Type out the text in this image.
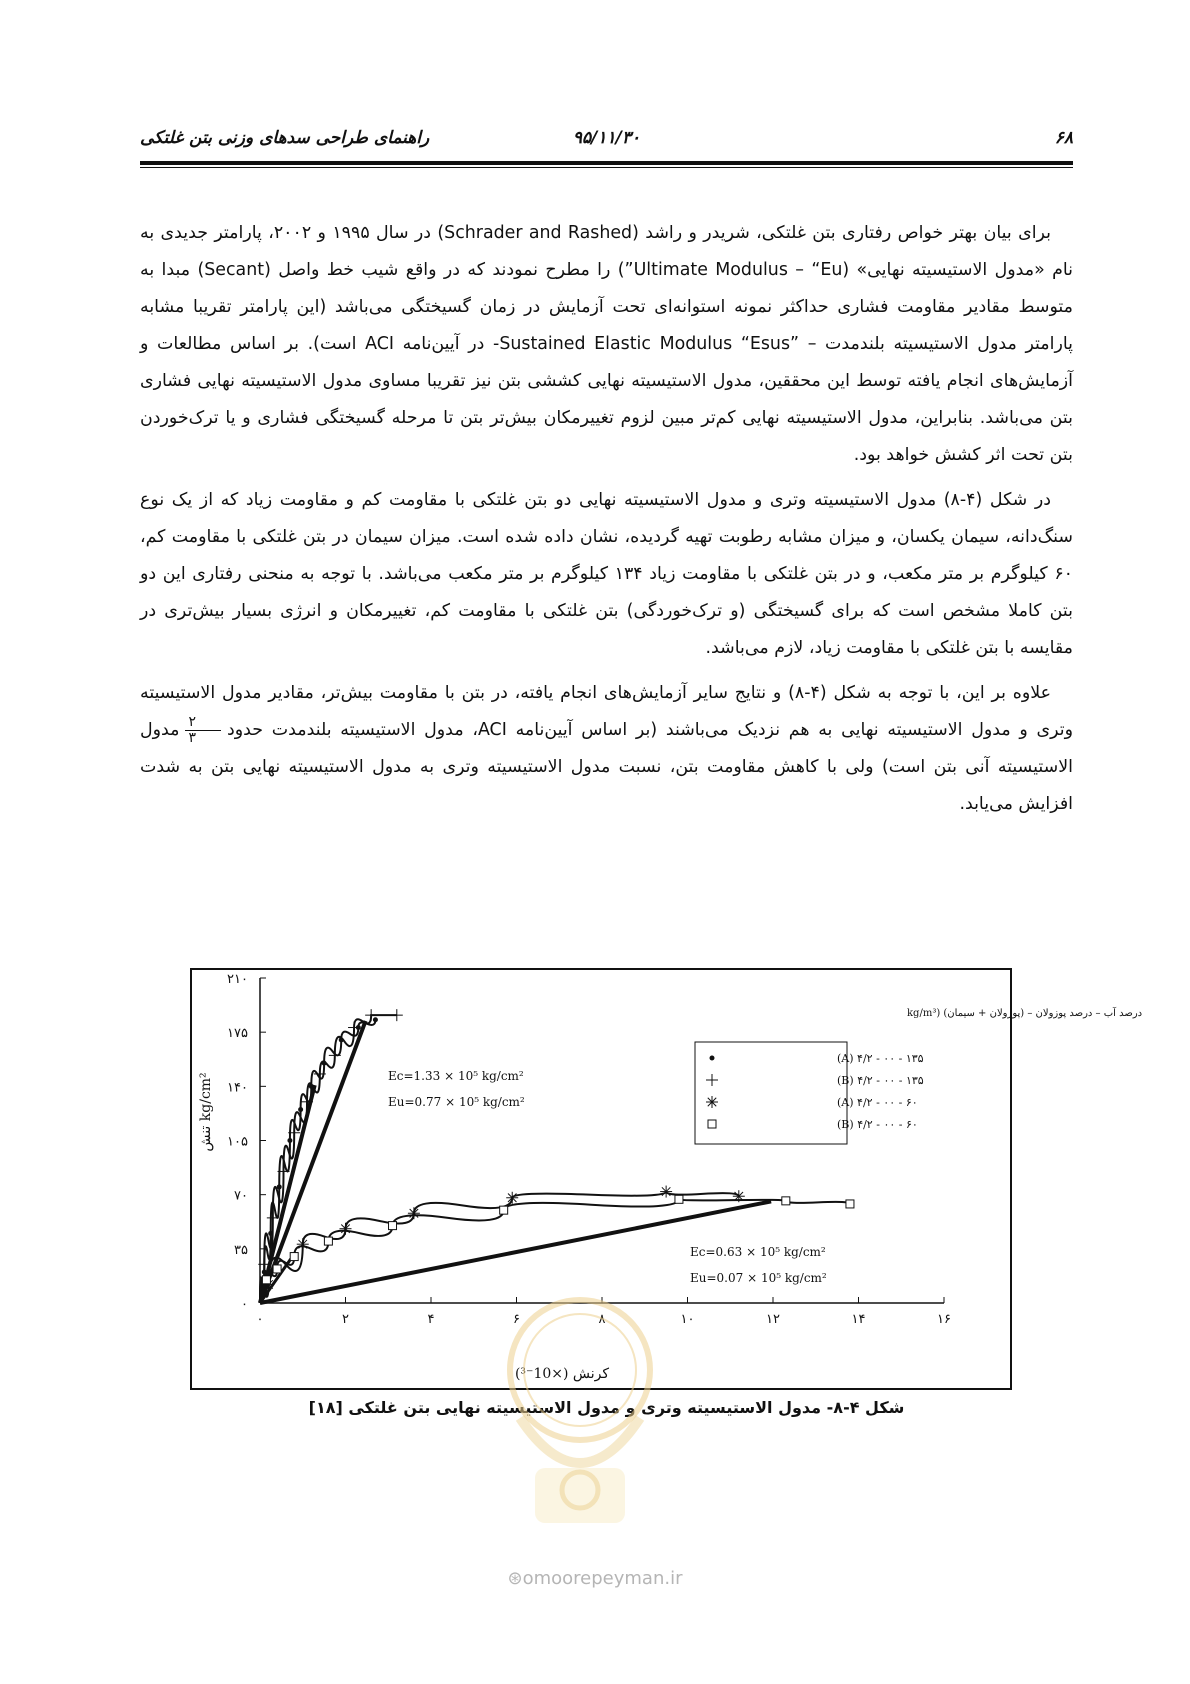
۶۸
۹۵/۱۱/۳۰
راهنمای طراحی سدهای وزنی بتن غلتکی

برای بیان بهتر خواص رفتاری بتن غلتکی، شریدر و راشد (Schrader and Rashed) در سال ۱۹۹۵ و ۲۰۰۲، پارامتر جدیدی به نام «مدول الاستیسیته نهایی» (Ultimate Modulus – “Eu”) را مطرح نمودند که در واقع شیب خط واصل (Secant) مبدا به متوسط مقادیر مقاومت فشاری حداکثر نمونه استوانه‌ای تحت آزمایش در زمان گسیختگی می‌باشد (این پارامتر تقریبا مشابه پارامتر مدول الاستیسیته بلندمدت – ”Sustained Elastic Modulus “Esus- در آیین‌نامه ACI است). بر اساس مطالعات و آزمایش‌های انجام یافته توسط این محققین، مدول الاستیسیته نهایی کششی بتن نیز تقریبا مساوی مدول الاستیسیته نهایی فشاری بتن می‌باشد. بنابراین، مدول الاستیسیته نهایی کم‌تر مبین لزوم تغییرمکان بیش‌تر بتن تا مرحله گسیختگی فشاری و یا ترک‌خوردن بتن تحت اثر کشش خواهد بود.

در شکل (۴-۸) مدول الاستیسیته وتری و مدول الاستیسیته نهایی دو بتن غلتکی با مقاومت کم و مقاومت زیاد که از یک نوع سنگ‌دانه، سیمان یکسان، و میزان مشابه رطوبت تهیه گردیده، نشان داده شده است. میزان سیمان در بتن غلتکی با مقاومت کم، ۶۰ کیلوگرم بر متر مکعب، و در بتن غلتکی با مقاومت زیاد ۱۳۴ کیلوگرم بر متر مکعب می‌باشد. با توجه به منحنی رفتاری این دو بتن کاملا مشخص است که برای گسیختگی (و ترک‌خوردگی) بتن غلتکی با مقاومت کم، تغییرمکان و انرژی بسیار بیش‌تری در مقایسه با بتن غلتکی با مقاومت زیاد، لازم می‌باشد.

علاوه بر این، با توجه به شکل (۴-۸) و نتایج سایر آزمایش‌های انجام یافته، در بتن با مقاومت بیش‌تر، مقادیر مدول الاستیسیته وتری و مدول الاستیسیته نهایی به هم نزدیک می‌باشند (بر اساس آیین‌نامه ACI، مدول الاستیسیته بلندمدت حدود
$\frac{۲}{۳}$
مدول الاستیسیته آنی بتن است) ولی با کاهش مقاومت بتن، نسبت مدول الاستیسیته وتری به مدول الاستیسیته نهایی بتن به شدت افزایش می‌یابد.

۰	۲	۴	۶	۸	۱۰	۱۲	۱۴	۱۶
۰
۳۵
۷۰
۱۰۵
۱۴۰
۱۷۵
۲۱۰
تنش kg/cm²
کرنش (×10⁻³)
Ec=1.33 × 10⁵ kg/cm²
Eu=0.77 × 10⁵ kg/cm²
Ec=0.63 × 10⁵ kg/cm²
Eu=0.07 × 10⁵ kg/cm²
درصد آب – درصد پوزولان – (پوزولان + سیمان) (kg/m³
۱۳۵ - ۰۰ - ۴/۲ (A)
۱۳۵ - ۰۰ - ۴/۲ (B)
۶۰ - ۰۰ - ۴/۲ (A)
۶۰ - ۰۰ - ۴/۲ (B)
شکل ۴-۸- مدول الاستیسیته وتری و مدول الاستیسیته نهایی بتن غلتکی [۱۸]
⊛omoorepeyman.ir
